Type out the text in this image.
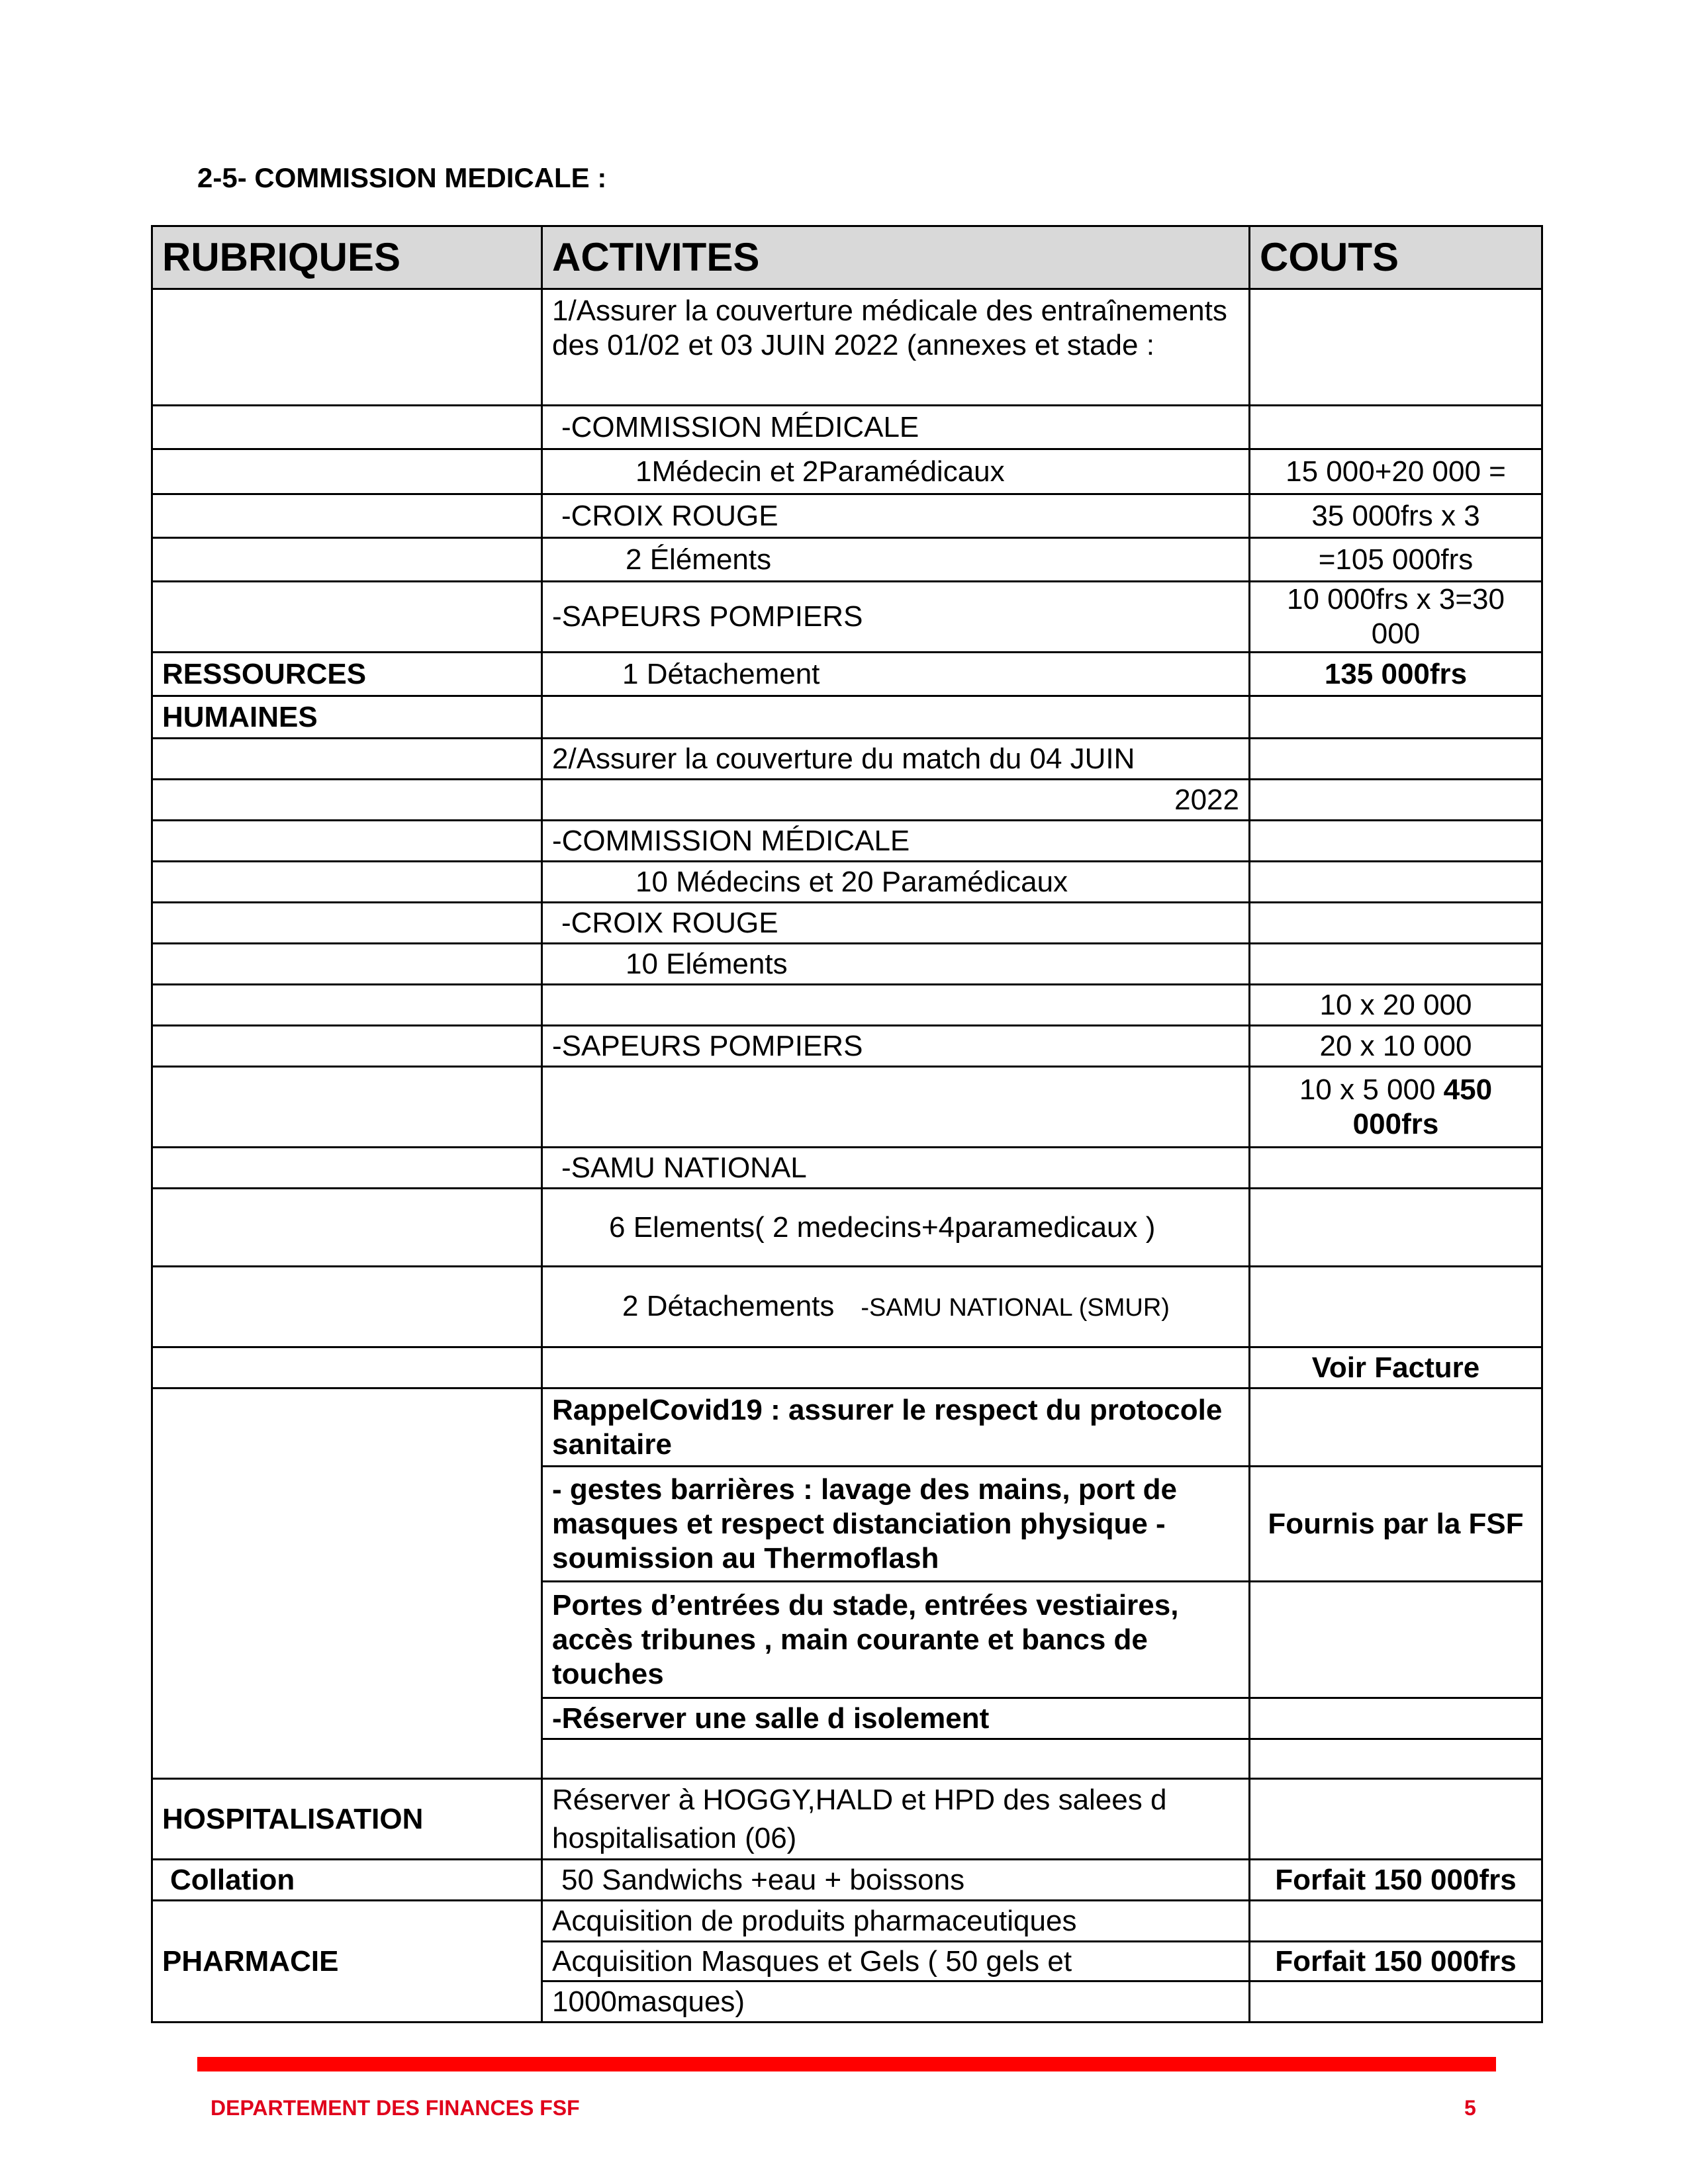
2-5- COMMISSION MEDICALE :
RUBRIQUES	ACTIVITES	COUTS
	1/Assurer la couverture médicale des entraînements des 01/02 et 03 JUIN 2022 (annexes et stade :	
	-COMMISSION MÉDICALE	
	1Médecin et 2Paramédicaux	15 000+20 000 =
	-CROIX ROUGE	35 000frs x 3
	2 Éléments	=105 000frs
	-SAPEURS POMPIERS	10 000frs x 3=30 000
RESSOURCES	1 Détachement	135 000frs
HUMAINES		
	2/Assurer la couverture du match du 04 JUIN	
	2022	
	-COMMISSION MÉDICALE	
	10 Médecins et 20 Paramédicaux	
	-CROIX ROUGE	
	10 Eléments	
		10 x 20 000
	-SAPEURS POMPIERS	20 x 10 000
		10 x 5 000 450
000frs
	-SAMU NATIONAL	
	6 Elements( 2 medecins+4paramedicaux )	
	2 Détachements -SAMU NATIONAL (SMUR)	
		Voir Facture
	RappelCovid19 : assurer le respect du protocole sanitaire	
	- gestes barrières : lavage des mains, port de masques et respect distanciation physique - soumission au Thermoflash	Fournis par la FSF
	Portes d’entrées du stade, entrées vestiaires, accès tribunes , main courante et bancs de touches	
	-Réserver une salle d isolement	

HOSPITALISATION	Réserver à HOGGY,HALD et HPD des salees d hospitalisation (06)	
Collation	50 Sandwichs +eau + boissons	Forfait 150 000frs
PHARMACIE	Acquisition de produits pharmaceutiques	
	Acquisition Masques et Gels ( 50 gels et	Forfait 150 000frs
	1000masques)	
DEPARTEMENT DES FINANCES FSF	5
